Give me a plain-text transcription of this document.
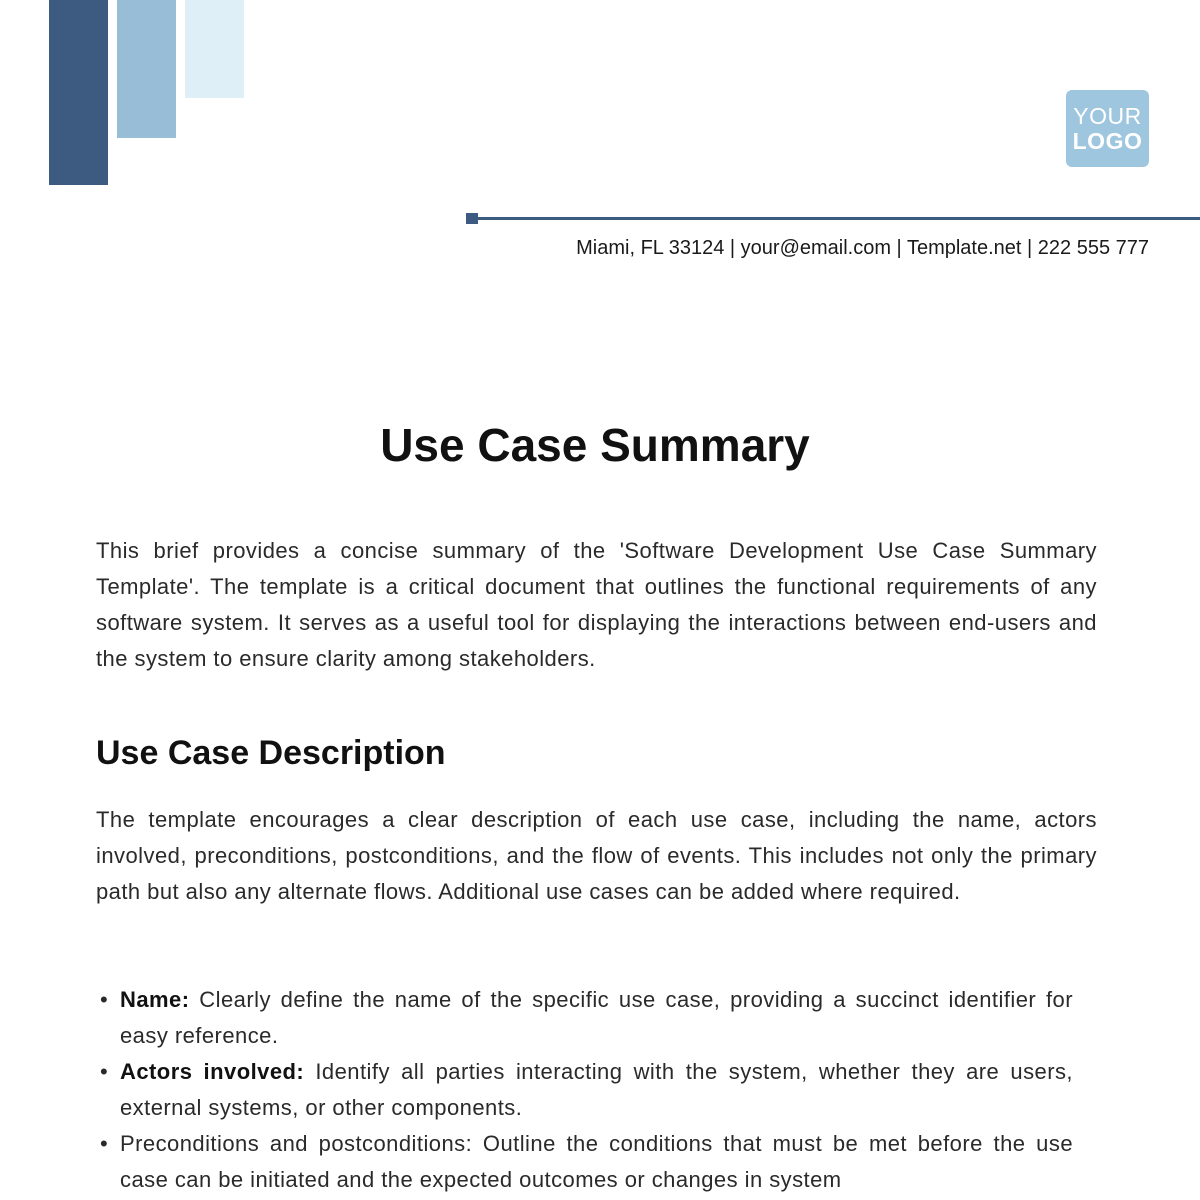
YOUR
LOGO
Miami, FL 33124 | your@email.com | Template.net | 222 555 777
Use Case Summary

This brief provides a concise summary of the 'Software Development Use Case Summary Template'. The template is a critical document that outlines the functional requirements of any software system. It serves as a useful tool for displaying the interactions between end-users and the system to ensure clarity among stakeholders.

Use Case Description

The template encourages a clear description of each use case, including the name, actors involved, preconditions, postconditions, and the flow of events. This includes not only the primary path but also any alternate flows. Additional use cases can be added where required.

• Name: Clearly define the name of the specific use case, providing a succinct identifier for easy reference.
• Actors involved: Identify all parties interacting with the system, whether they are users, external systems, or other components.
• Preconditions and postconditions: Outline the conditions that must be met before the use case can be initiated and the expected outcomes or changes in system
